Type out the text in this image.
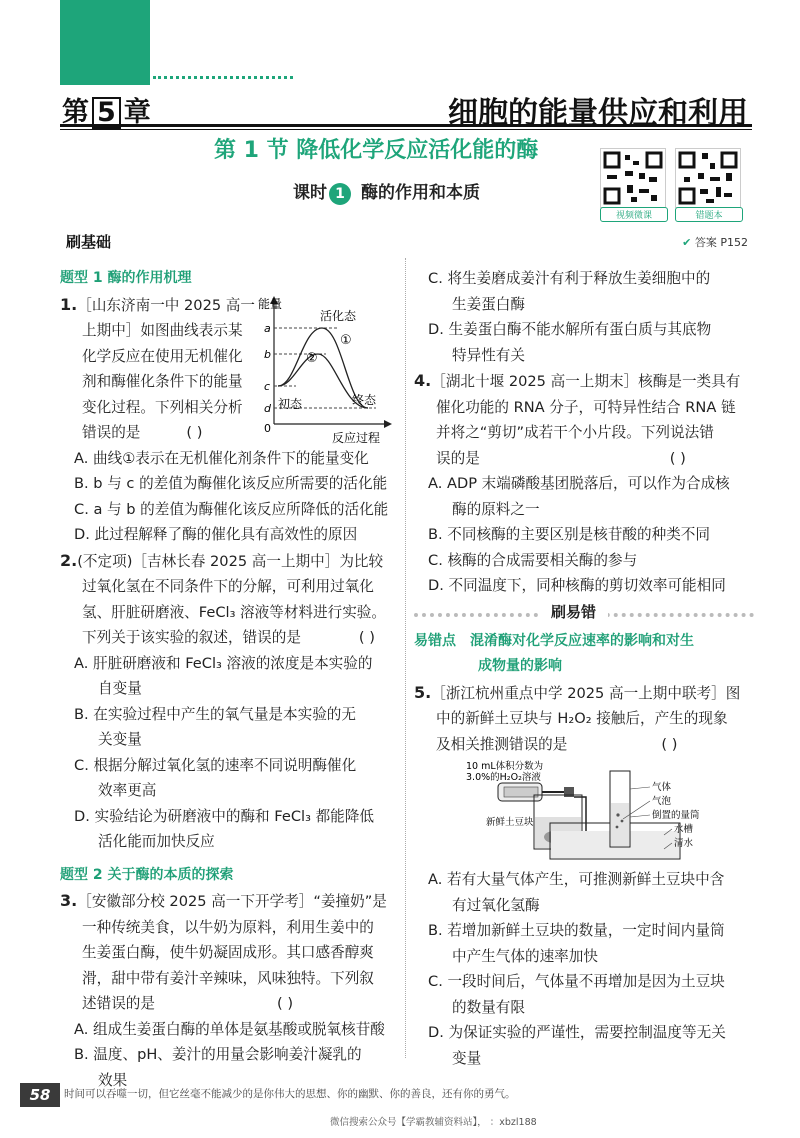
第 5 章	细胞的能量供应和利用
第 1 节 降低化学反应活化能的酶
课时 1 酶的作用和本质
视频微课	错题本
刷基础	✔ 答案 P152
题型 1 酶的作用机理
1.［山东济南一中 2025 高一
上期中］如图曲线表示某
化学反应在使用无机催化
剂和酶催化条件下的能量
变化过程。下列相关分析
错误的是	( )
能量
a
b
c
d
0
活化态
①
②
初态	终态
反应过程
A. 曲线①表示在无机催化剂条件下的能量变化
B. b 与 c 的差值为酶催化该反应所需要的活化能
C. a 与 b 的差值为酶催化该反应所降低的活化能
D. 此过程解释了酶的催化具有高效性的原因
2.(不定项)［吉林长春 2025 高一上期中］为比较
过氧化氢在不同条件下的分解，可利用过氧化
氢、肝脏研磨液、FeCl₃ 溶液等材料进行实验。
下列关于该实验的叙述，错误的是	( )
A. 肝脏研磨液和 FeCl₃ 溶液的浓度是本实验的
自变量
B. 在实验过程中产生的氧气量是本实验的无
关变量
C. 根据分解过氧化氢的速率不同说明酶催化
效率更高
D. 实验结论为研磨液中的酶和 FeCl₃ 都能降低
活化能而加快反应
题型 2 关于酶的本质的探索
3.［安徽部分校 2025 高一下开学考］“姜撞奶”是
一种传统美食，以牛奶为原料，利用生姜中的
生姜蛋白酶，使牛奶凝固成形。其口感香醇爽
滑，甜中带有姜汁辛辣味，风味独特。下列叙
述错误的是	( )
A. 组成生姜蛋白酶的单体是氨基酸或脱氧核苷酸
B. 温度、pH、姜汁的用量会影响姜汁凝乳的
效果
C. 将生姜磨成姜汁有利于释放生姜细胞中的
生姜蛋白酶
D. 生姜蛋白酶不能水解所有蛋白质与其底物
特异性有关
4.［湖北十堰 2025 高一上期末］核酶是一类具有
催化功能的 RNA 分子，可特异性结合 RNA 链
并将之“剪切”成若干个小片段。下列说法错
误的是	( )
A. ADP 末端磷酸基团脱落后，可以作为合成核
酶的原料之一
B. 不同核酶的主要区别是核苷酸的种类不同
C. 核酶的合成需要相关酶的参与
D. 不同温度下，同种核酶的剪切效率可能相同
刷易错
易错点 混淆酶对化学反应速率的影响和对生
成物量的影响
5.［浙江杭州重点中学 2025 高一上期中联考］图
中的新鲜土豆块与 H₂O₂ 接触后，产生的现象
及相关推测错误的是	( )
10 mL体积分数为
3.0%的H₂O₂溶液
新鲜土豆块
气体
气泡
倒置的量筒
水槽
清水
A. 若有大量气体产生，可推测新鲜土豆块中含
有过氧化氢酶
B. 若增加新鲜土豆块的数量，一定时间内量筒
中产生气体的速率加快
C. 一段时间后，气体量不再增加是因为土豆块
的数量有限
D. 为保证实验的严谨性，需要控制温度等无关
变量
58	时间可以吞噬一切，但它丝毫不能减少的是你伟大的思想、你的幽默、你的善良，还有你的勇气。
微信搜索公众号【学霸教辅资料站】， ：xbzl188
